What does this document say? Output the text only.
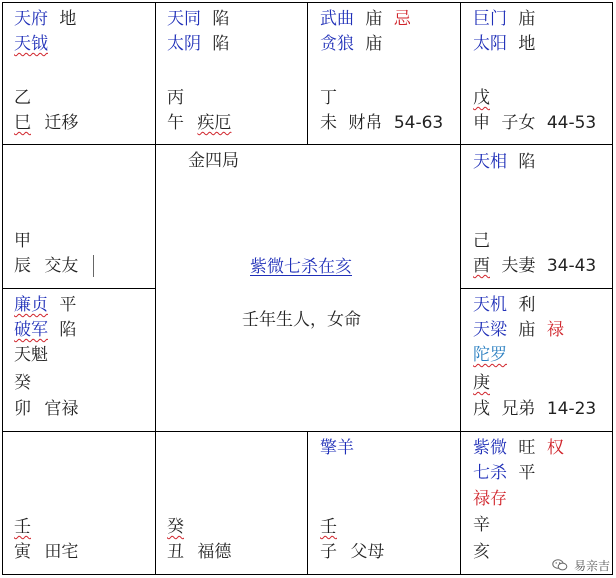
天府 地
天钺
乙
巳 迁移
天同 陷
太阴 陷
丙
午 疾厄
武曲 庙 忌
贪狼 庙
丁
未 财帛 54-63
巨门 庙
太阳 地
戊
申 子女 44-53
甲
辰 交友
天相 陷
己
酉 夫妻 34-43
廉贞 平
破军 陷
天魁
癸
卯 官禄
天机 利
天梁 庙 禄
陀罗
庚
戌 兄弟 14-23
壬
寅 田宅
癸
丑 福德
擎羊
壬
子 父母
紫微 旺 权
七杀 平
禄存
辛
亥
金四局
紫微七杀在亥
壬年生人，女命
易亲吉
